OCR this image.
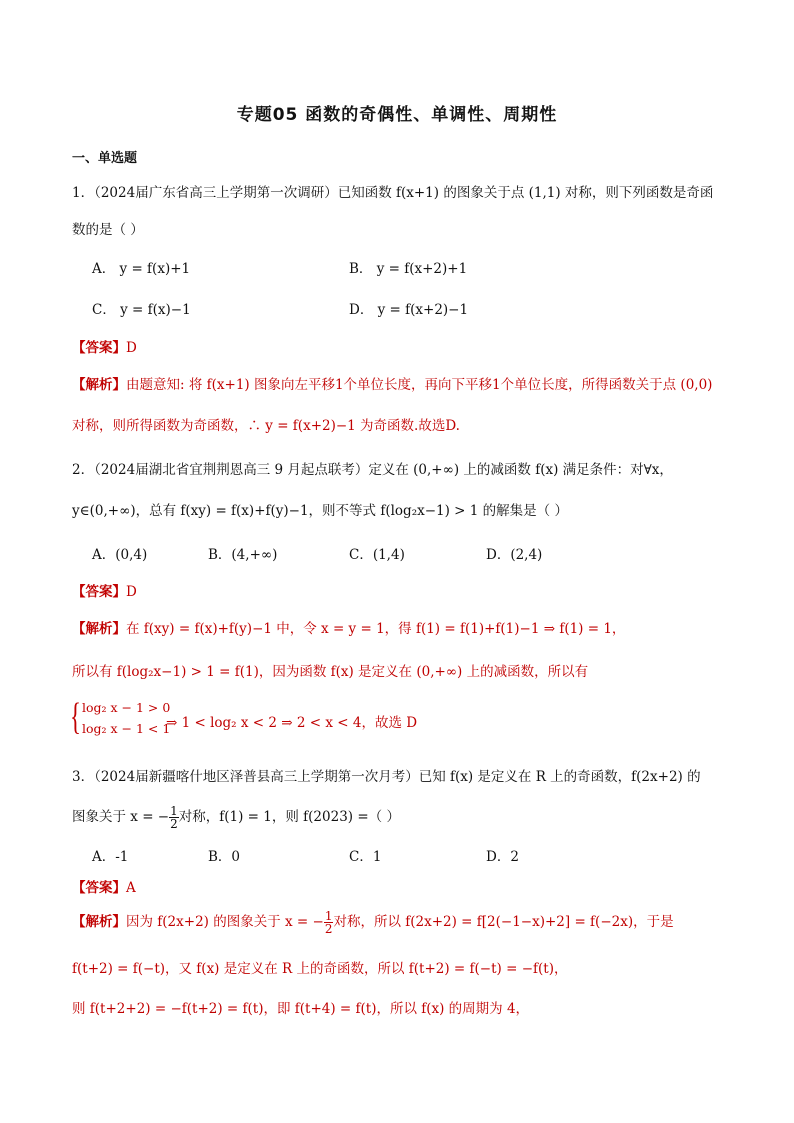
专题05 函数的奇偶性、单调性、周期性
一、单选题
1．（2024届广东省高三上学期第一次调研）已知函数 f(x+1) 的图象关于点 (1,1) 对称，则下列函数是奇函
数的是（ ）
A． y = f(x)+1	B． y = f(x+2)+1
C． y = f(x)−1	D． y = f(x+2)−1
【答案】D
【解析】由题意知: 将 f(x+1) 图象向左平移1个单位长度，再向下平移1个单位长度，所得函数关于点 (0,0)
对称，则所得函数为奇函数，∴ y = f(x+2)−1 为奇函数.故选D.
2．（2024届湖北省宜荆荆恩高三 9 月起点联考）定义在 (0,+∞) 上的减函数 f(x) 满足条件：对∀x，
y∈(0,+∞)，总有 f(xy) = f(x)+f(y)−1，则不等式 f(log₂x−1) > 1 的解集是（ ）
A．(0,4)	B．(4,+∞)	C．(1,4)	D．(2,4)
【答案】D
【解析】在 f(xy) = f(x)+f(y)−1 中，令 x = y = 1，得 f(1) = f(1)+f(1)−1 ⇒ f(1) = 1，
所以有 f(log₂x−1) > 1 = f(1)，因为函数 f(x) 是定义在 (0,+∞) 上的减函数，所以有
{ log₂ x − 1 > 0
log₂ x − 1 < 1
⇒ 1 < log₂ x < 2 ⇒ 2 < x < 4，故选 D
3．（2024届新疆喀什地区泽普县高三上学期第一次月考）已知 f(x) 是定义在 R 上的奇函数，f(2x+2) 的
图象关于 x = − $\frac{1}{2}$ 对称，f(1) = 1，则 f(2023) =（ ）
A．-1	B．0	C．1	D．2
【答案】A
【解析】因为 f(2x+2) 的图象关于 x = − $\frac{1}{2}$ 对称，所以 f(2x+2) = f[2(−1−x)+2] = f(−2x)，于是
f(t+2) = f(−t)，又 f(x) 是定义在 R 上的奇函数，所以 f(t+2) = f(−t) = −f(t)，
则 f(t+2+2) = −f(t+2) = f(t)，即 f(t+4) = f(t)，所以 f(x) 的周期为 4，
